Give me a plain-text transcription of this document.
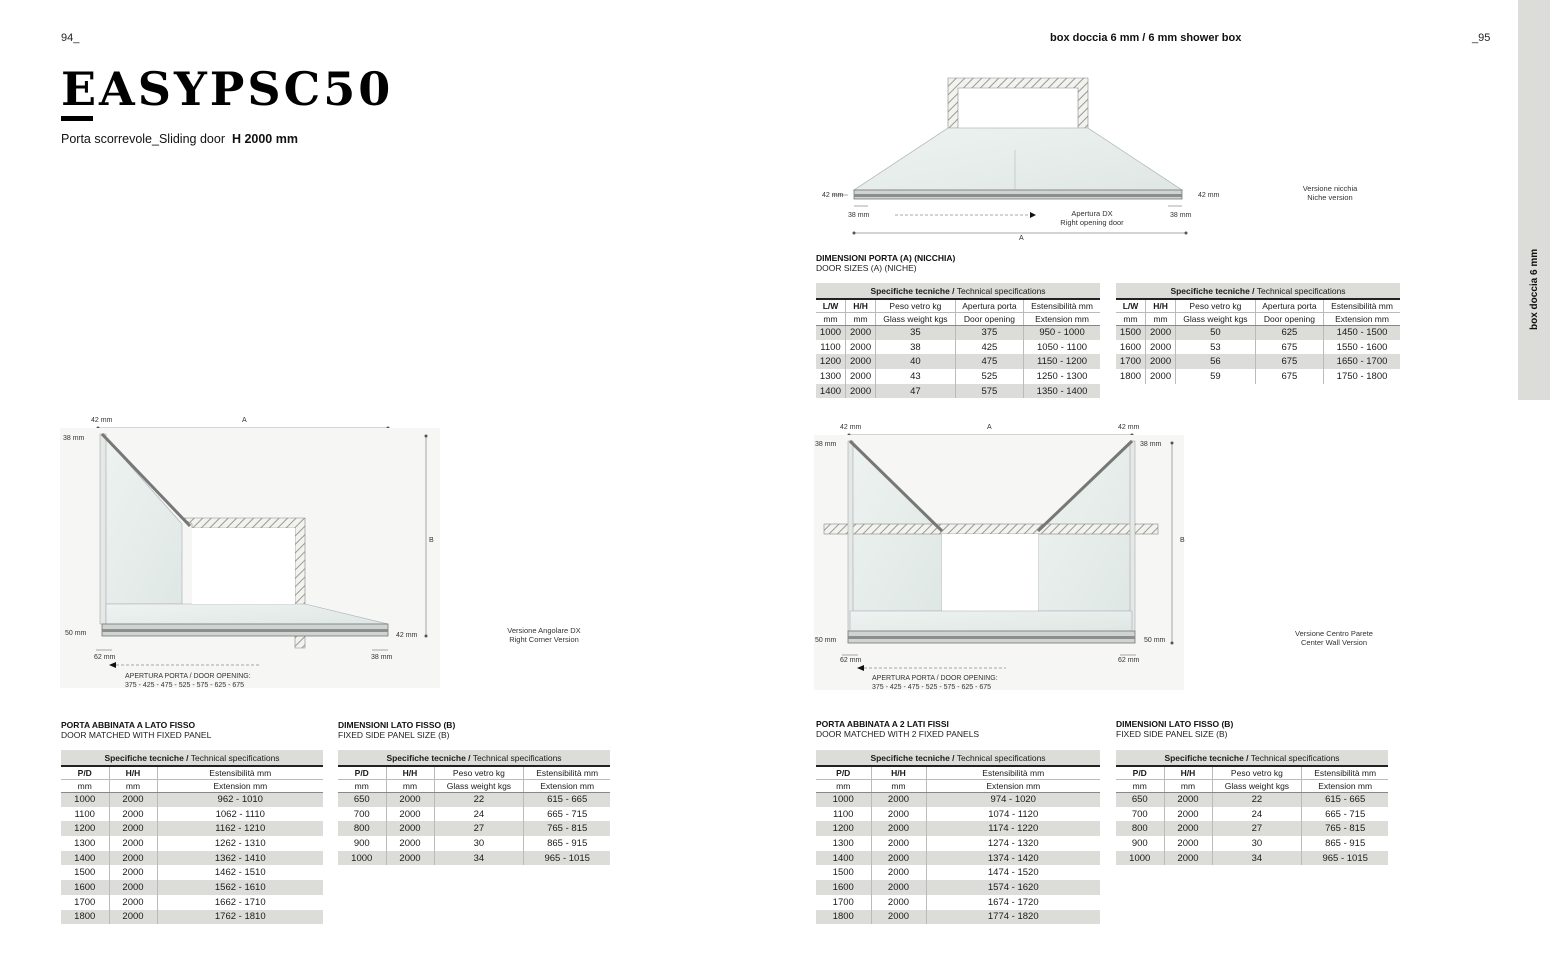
94_	box doccia 6 mm / 6 mm shower box	_95
box doccia 6 mm
EASYPSC50
Porta scorrevole_Sliding door H 2000 mm
42 mm	42 mm
38 mm	38 mm
Apertura DX
Right opening door
A
Versione nicchia
Niche version
DIMENSIONI PORTA (A) (NICCHIA)
DOOR SIZES (A) (NICHE)
Specifiche tecniche / Technical specifications				
L/W	H/H	Peso vetro kg	Apertura porta	Estensibilità mm
mm	mm	Glass weight kgs	Door opening	Extension mm
1000	2000	35	375	950 - 1000
1100	2000	38	425	1050 - 1100
1200	2000	40	475	1150 - 1200
1300	2000	43	525	1250 - 1300
1400	2000	47	575	1350 - 1400
Specifiche tecniche / Technical specifications				
L/W	H/H	Peso vetro kg	Apertura porta	Estensibilità mm
mm	mm	Glass weight kgs	Door opening	Extension mm
1500	2000	50	625	1450 - 1500
1600	2000	53	675	1550 - 1600
1700	2000	56	675	1650 - 1700
1800	2000	59	675	1750 - 1800
42 mm	A
38 mm
B
50 mm	42 mm
62 mm	38 mm
APERTURA PORTA / DOOR OPENING:
375 - 425 - 475 - 525 - 575 - 625 - 675
Versione Angolare DX
Right Corner Version
42 mm	A	42 mm
38 mm	38 mm
B
50 mm	50 mm
62 mm	62 mm
APERTURA PORTA / DOOR OPENING:
375 - 425 - 475 - 525 - 575 - 625 - 675
Versione Centro Parete
Center Wall Version
PORTA ABBINATA A LATO FISSO
DOOR MATCHED WITH FIXED PANEL
Specifiche tecniche / Technical specifications		
P/D	H/H	Estensibilità mm
mm	mm	Extension mm
1000	2000	962 - 1010
1100	2000	1062 - 1110
1200	2000	1162 - 1210
1300	2000	1262 - 1310
1400	2000	1362 - 1410
1500	2000	1462 - 1510
1600	2000	1562 - 1610
1700	2000	1662 - 1710
1800	2000	1762 - 1810
DIMENSIONI LATO FISSO (B)
FIXED SIDE PANEL SIZE (B)
Specifiche tecniche / Technical specifications			
P/D	H/H	Peso vetro kg	Estensibilità mm
mm	mm	Glass weight kgs	Extension mm
650	2000	22	615 - 665
700	2000	24	665 - 715
800	2000	27	765 - 815
900	2000	30	865 - 915
1000	2000	34	965 - 1015
PORTA ABBINATA A 2 LATI FISSI
DOOR MATCHED WITH 2 FIXED PANELS
Specifiche tecniche / Technical specifications		
P/D	H/H	Estensibilità mm
mm	mm	Extension mm
1000	2000	974 - 1020
1100	2000	1074 - 1120
1200	2000	1174 - 1220
1300	2000	1274 - 1320
1400	2000	1374 - 1420
1500	2000	1474 - 1520
1600	2000	1574 - 1620
1700	2000	1674 - 1720
1800	2000	1774 - 1820
DIMENSIONI LATO FISSO (B)
FIXED SIDE PANEL SIZE (B)
Specifiche tecniche / Technical specifications			
P/D	H/H	Peso vetro kg	Estensibilità mm
mm	mm	Glass weight kgs	Extension mm
650	2000	22	615 - 665
700	2000	24	665 - 715
800	2000	27	765 - 815
900	2000	30	865 - 915
1000	2000	34	965 - 1015
